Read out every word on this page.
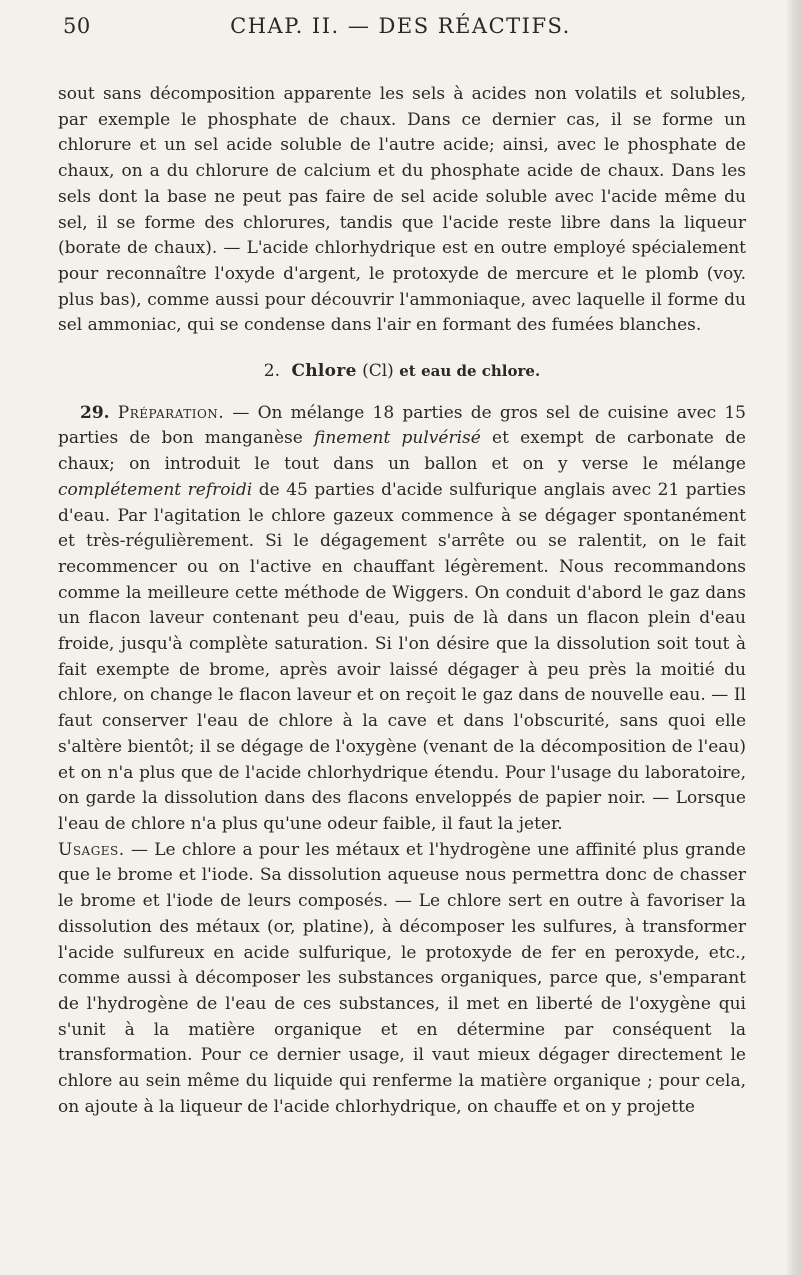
50	CHAP. II. — DES RÉACTIFS.

sout sans décomposition apparente les sels à acides non volatils et solubles, par exemple le phosphate de chaux. Dans ce dernier cas, il se forme un chlorure et un sel acide soluble de l'autre acide; ainsi, avec le phosphate de chaux, on a du chlorure de calcium et du phosphate acide de chaux. Dans les sels dont la base ne peut pas faire de sel acide soluble avec l'acide même du sel, il se forme des chlorures, tandis que l'acide reste libre dans la liqueur (borate de chaux). — L'acide chlorhydrique est en outre employé spécialement pour reconnaître l'oxyde d'argent, le protoxyde de mercure et le plomb (voy. plus bas), comme aussi pour découvrir l'ammoniaque, avec laquelle il forme du sel ammoniac, qui se condense dans l'air en formant des fumées blanches.

2. Chlore (Cl) et eau de chlore.

29. Préparation. — On mélange 18 parties de gros sel de cuisine avec 15 parties de bon manganèse finement pulvérisé et exempt de carbonate de chaux; on introduit le tout dans un ballon et on y verse le mélange complétement refroidi de 45 parties d'acide sulfurique anglais avec 21 parties d'eau. Par l'agitation le chlore gazeux commence à se dégager spontanément et très-régulièrement. Si le dégagement s'arrête ou se ralentit, on le fait recommencer ou on l'active en chauffant légèrement. Nous recommandons comme la meilleure cette méthode de Wiggers. On conduit d'abord le gaz dans un flacon laveur contenant peu d'eau, puis de là dans un flacon plein d'eau froide, jusqu'à complète saturation. Si l'on désire que la dissolution soit tout à fait exempte de brome, après avoir laissé dégager à peu près la moitié du chlore, on change le flacon laveur et on reçoit le gaz dans de nouvelle eau. — Il faut conserver l'eau de chlore à la cave et dans l'obscurité, sans quoi elle s'altère bientôt; il se dégage de l'oxygène (venant de la décomposition de l'eau) et on n'a plus que de l'acide chlorhydrique étendu. Pour l'usage du laboratoire, on garde la dissolution dans des flacons enveloppés de papier noir. — Lorsque l'eau de chlore n'a plus qu'une odeur faible, il faut la jeter.

Usages. — Le chlore a pour les métaux et l'hydrogène une affinité plus grande que le brome et l'iode. Sa dissolution aqueuse nous permettra donc de chasser le brome et l'iode de leurs composés. — Le chlore sert en outre à favoriser la dissolution des métaux (or, platine), à décomposer les sulfures, à transformer l'acide sulfureux en acide sulfurique, le protoxyde de fer en peroxyde, etc., comme aussi à décomposer les substances organiques, parce que, s'emparant de l'hydrogène de l'eau de ces substances, il met en liberté de l'oxygène qui s'unit à la matière organique et en détermine par conséquent la transformation. Pour ce dernier usage, il vaut mieux dégager directement le chlore au sein même du liquide qui renferme la matière organique ; pour cela, on ajoute à la liqueur de l'acide chlorhydrique, on chauffe et on y projette
